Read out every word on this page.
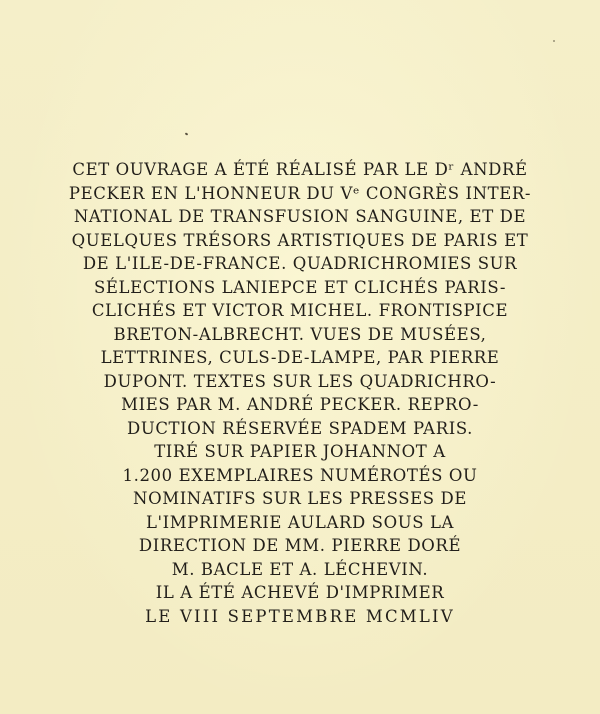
CET OUVRAGE A ÉTÉ RÉALISÉ PAR LE Dʳ ANDRÉ
PECKER EN L'HONNEUR DU Vᵉ CONGRÈS INTER-
NATIONAL DE TRANSFUSION SANGUINE, ET DE
QUELQUES TRÉSORS ARTISTIQUES DE PARIS ET
DE L'ILE-DE-FRANCE. QUADRICHROMIES SUR
SÉLECTIONS LANIEPCE ET CLICHÉS PARIS-
CLICHÉS ET VICTOR MICHEL. FRONTISPICE
BRETON-ALBRECHT. VUES DE MUSÉES,
LETTRINES, CULS-DE-LAMPE, PAR PIERRE
DUPONT. TEXTES SUR LES QUADRICHRO-
MIES PAR M. ANDRÉ PECKER. REPRO-
DUCTION RÉSERVÉE SPADEM PARIS.
TIRÉ SUR PAPIER JOHANNOT A
1.200 EXEMPLAIRES NUMÉROTÉS OU
NOMINATIFS SUR LES PRESSES DE
L'IMPRIMERIE AULARD SOUS LA
DIRECTION DE MM. PIERRE DORÉ
M. BACLE ET A. LÉCHEVIN.
IL A ÉTÉ ACHEVÉ D'IMPRIMER
LE VIII SEPTEMBRE MCMLIV
